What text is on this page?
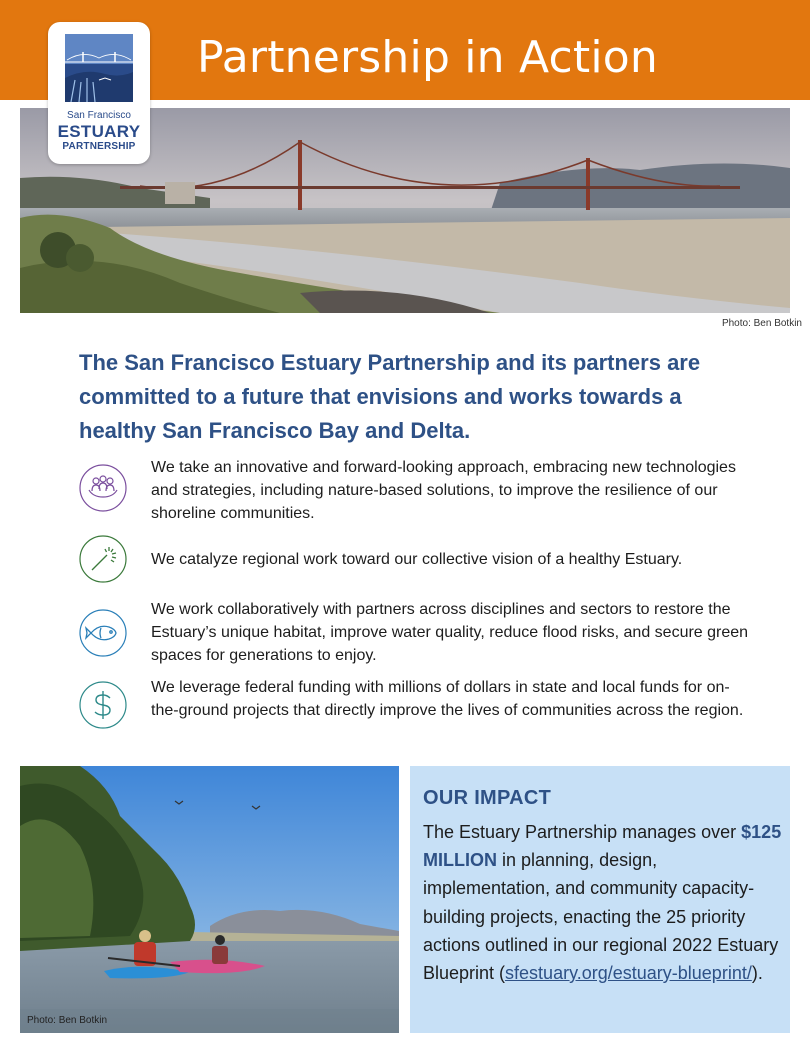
Partnership in Action
Photo: Ben Botkin
San Francisco
ESTUARY
PARTNERSHIP
The San Francisco Estuary Partnership and its partners are committed to a future that envisions and works towards a healthy San Francisco Bay and Delta.
We take an innovative and forward-looking approach, embracing new technologies and strategies, including nature-based solutions, to improve the resilience of our shoreline communities.
We catalyze regional work toward our collective vision of a healthy Estuary.
We work collaboratively with partners across disciplines and sectors to restore the Estuary’s unique habitat, improve water quality, reduce flood risks, and secure green spaces for generations to enjoy.
We leverage federal funding with millions of dollars in state and local funds for on-the-ground projects that directly improve the lives of communities across the region.
Photo: Ben Botkin
OUR IMPACT
The Estuary Partnership manages over $125 MILLION in planning, design, implementation, and community capacity-building projects, enacting the 25 priority actions outlined in our regional 2022 Estuary Blueprint (sfestuary.org/estuary-blueprint/).
